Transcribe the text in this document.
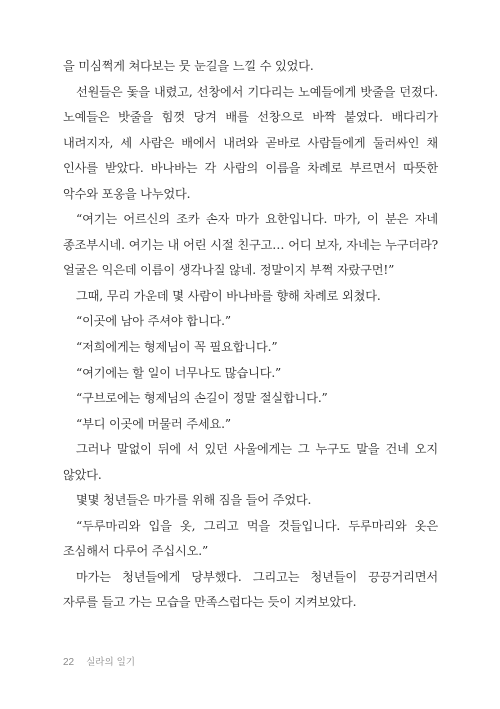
을 미심쩍게 쳐다보는 뭇 눈길을 느낄 수 있었다.

선원들은 돛을 내렸고, 선창에서 기다리는 노예들에게 밧줄을 던졌다. 노예들은 밧줄을 힘껏 당겨 배를 선창으로 바짝 붙였다. 배다리가 내려지자, 세 사람은 배에서 내려와 곧바로 사람들에게 둘러싸인 채 인사를 받았다. 바나바는 각 사람의 이름을 차례로 부르면서 따뜻한 악수와 포옹을 나누었다.

“여기는 어르신의 조카 손자 마가 요한입니다. 마가, 이 분은 자네 종조부시네. 여기는 내 어린 시절 친구고… 어디 보자, 자네는 누구더라? 얼굴은 익은데 이름이 생각나질 않네. 정말이지 부쩍 자랐구먼!”

그때, 무리 가운데 몇 사람이 바나바를 향해 차례로 외쳤다.

“이곳에 남아 주셔야 합니다.”

“저희에게는 형제님이 꼭 필요합니다.”

“여기에는 할 일이 너무나도 많습니다.”

“구브로에는 형제님의 손길이 정말 절실합니다.”

“부디 이곳에 머물러 주세요.”

그러나 말없이 뒤에 서 있던 사울에게는 그 누구도 말을 건네 오지 않았다.

몇몇 청년들은 마가를 위해 짐을 들어 주었다.

“두루마리와 입을 옷, 그리고 먹을 것들입니다. 두루마리와 옷은 조심해서 다루어 주십시오.”

마가는 청년들에게 당부했다. 그리고는 청년들이 끙끙거리면서 자루를 들고 가는 모습을 만족스럽다는 듯이 지켜보았다.

22 실라의 일기
